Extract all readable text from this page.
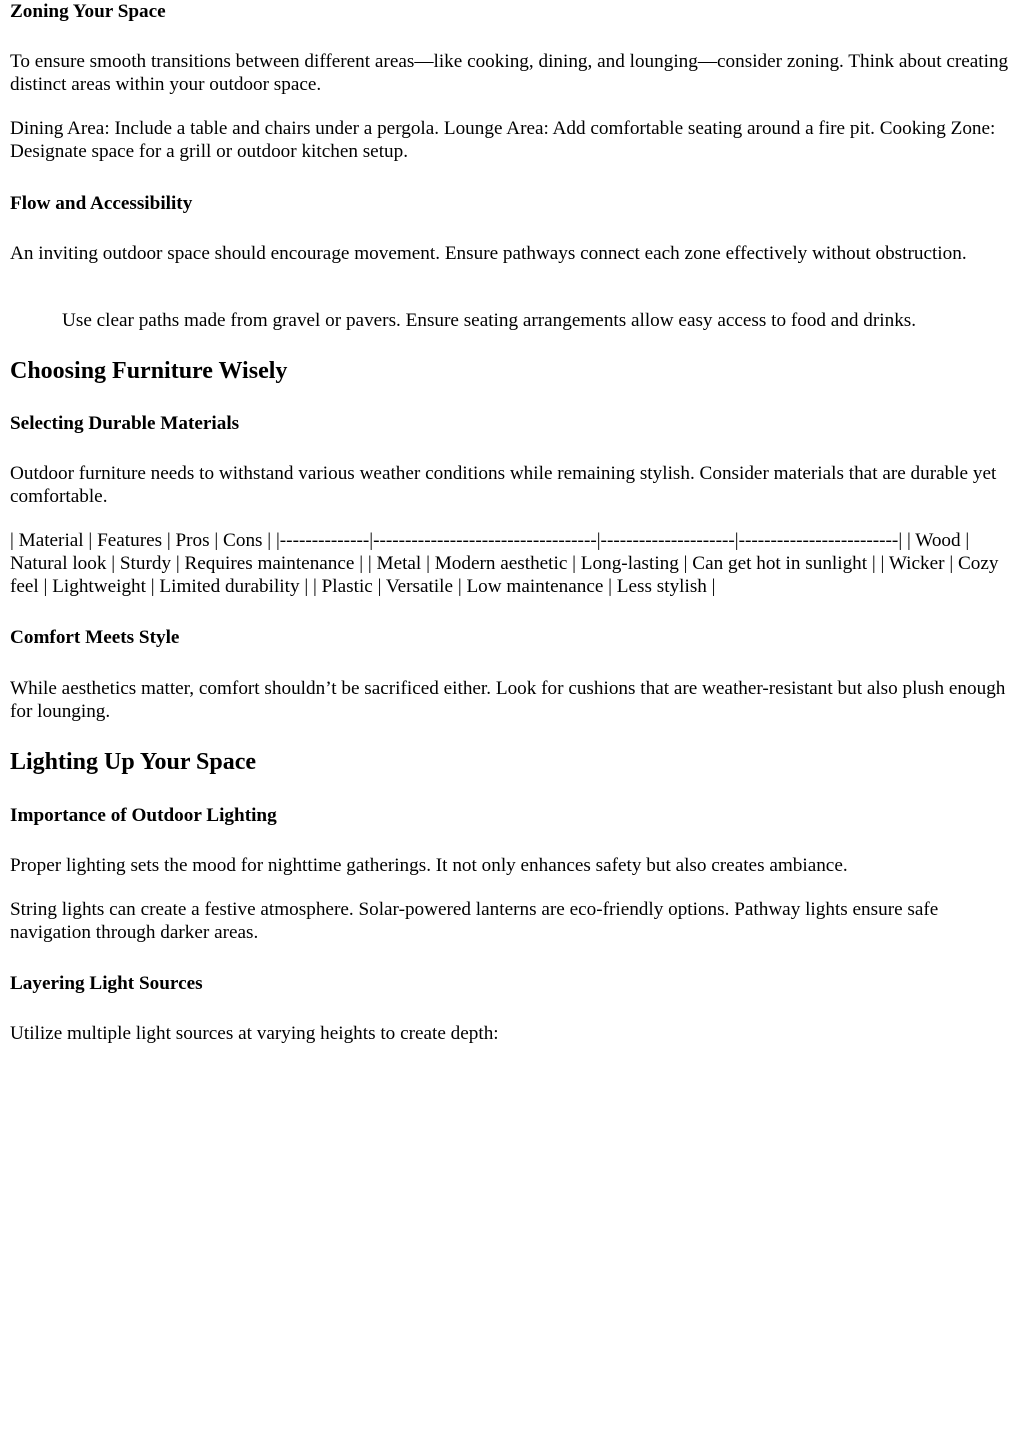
Zoning Your Space

To ensure smooth transitions between different areas—like cooking, dining, and lounging—consider zoning. Think about creating distinct areas within your outdoor space.

Dining Area: Include a table and chairs under a pergola. Lounge Area: Add comfortable seating around a fire pit. Cooking Zone: Designate space for a grill or outdoor kitchen setup.

Flow and Accessibility

An inviting outdoor space should encourage movement. Ensure pathways connect each zone effectively without obstruction.

Use clear paths made from gravel or pavers. Ensure seating arrangements allow easy access to food and drinks.

Choosing Furniture Wisely
Selecting Durable Materials

Outdoor furniture needs to withstand various weather conditions while remaining stylish. Consider materials that are durable yet comfortable.

| Material | Features | Pros | Cons | |--------------|-----------------------------------|---------------------|-------------------------| | Wood | Natural look | Sturdy | Requires maintenance | | Metal | Modern aesthetic | Long-lasting | Can get hot in sunlight | | Wicker | Cozy feel | Lightweight | Limited durability | | Plastic | Versatile | Low maintenance | Less stylish |

Comfort Meets Style

While aesthetics matter, comfort shouldn’t be sacrificed either. Look for cushions that are weather-resistant but also plush enough for lounging.

Lighting Up Your Space
Importance of Outdoor Lighting

Proper lighting sets the mood for nighttime gatherings. It not only enhances safety but also creates ambiance.

String lights can create a festive atmosphere. Solar-powered lanterns are eco-friendly options. Pathway lights ensure safe navigation through darker areas.

Layering Light Sources

Utilize multiple light sources at varying heights to create depth:
